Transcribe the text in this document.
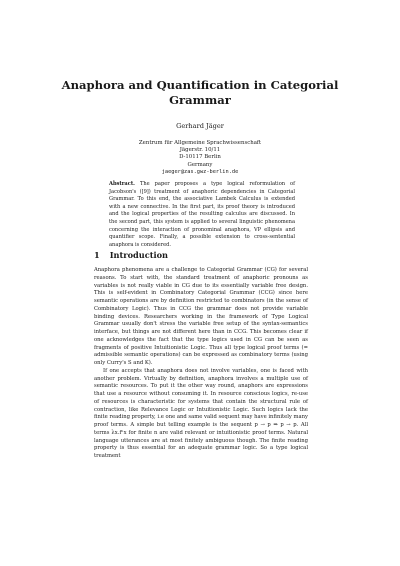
Anaphora and Quantification in Categorial
Grammar
Gerhard Jäger
Zentrum für Allgemeine Sprachwissenschaft
Jägerstr. 10/11
D-10117 Berlin
Germany
jaeger@zas.gwz-berlin.de
Abstract. The paper proposes a type logical reformulation of Jacobson's ([9]) treatment of anaphoric dependencies in Categorial Grammar. To this end, the associative Lambek Calculus is extended with a new connective. In the first part, its proof theory is introduced and the logical properties of the resulting calculus are discussed. In the second part, this system is applied to several linguistic phenomena concerning the interaction of pronominal anaphora, VP ellipsis and quantifier scope. Finally, a possible extension to cross-sentential anaphora is considered.
1 Introduction

Anaphora phenomena are a challenge to Categorial Grammar (CG) for several reasons. To start with, the standard treatment of anaphoric pronouns as variables is not really viable in CG due to its essentially variable free design. This is self-evident in Combinatory Categorial Grammar (CCG) since here semantic operations are by definition restricted to combinators (in the sense of Combinatory Logic). Thus in CCG the grammar does not provide variable binding devices. Researchers working in the framework of Type Logical Grammar usually don't stress the variable free setup of the syntax-semantics interface, but things are not different here than in CCG. This becomes clear if one acknowledges the fact that the type logics used in CG can be seen as fragments of positive Intuitionistic Logic. Thus all type logical proof terms (= admissible semantic operations) can be expressed as combinatory terms (using only Curry's S and K).

If one accepts that anaphora does not involve variables, one is faced with another problem. Virtually by definition, anaphora involves a multiple use of semantic resources. To put it the other way round, anaphors are expressions that use a resource without consuming it. In resource conscious logics, re-use of resources is characteristic for systems that contain the structural rule of contraction, like Relevance Logic or Intuitionistic Logic. Such logics lack the finite reading property, i.e one and same valid sequent may have infinitely many proof terms. A simple but telling example is the sequent p → p ⇒ p → p. All terms λx.fⁿx for finite n are valid relevant or intuitionistic proof terms. Natural language utterances are at most finitely ambiguous though. The finite reading property is thus essential for an adequate grammar logic. So a type logical treatment
